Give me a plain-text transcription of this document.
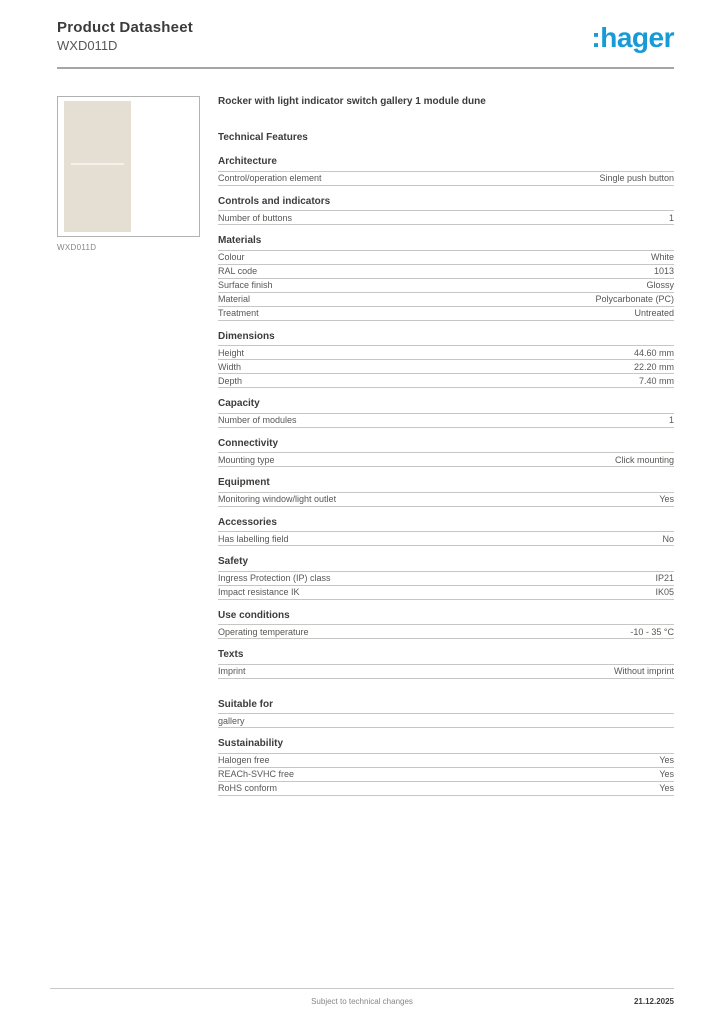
Product Datasheet
WXD011D	:hager
WXD011D
Rocker with light indicator switch gallery 1 module dune
Technical Features
Architecture
Control/operation element	Single push button
Controls and indicators
Number of buttons	1
Materials
Colour	White
RAL code	1013
Surface finish	Glossy
Material	Polycarbonate (PC)
Treatment	Untreated
Dimensions
Height	44.60 mm
Width	22.20 mm
Depth	7.40 mm
Capacity
Number of modules	1
Connectivity
Mounting type	Click mounting
Equipment
Monitoring window/light outlet	Yes
Accessories
Has labelling field	No
Safety
Ingress Protection (IP) class	IP21
Impact resistance IK	IK05
Use conditions
Operating temperature	-10 - 35 °C
Texts
Imprint	Without imprint
Suitable for
gallery
Sustainability
Halogen free	Yes
REACh-SVHC free	Yes
RoHS conform	Yes
Subject to technical changes	21.12.2025
